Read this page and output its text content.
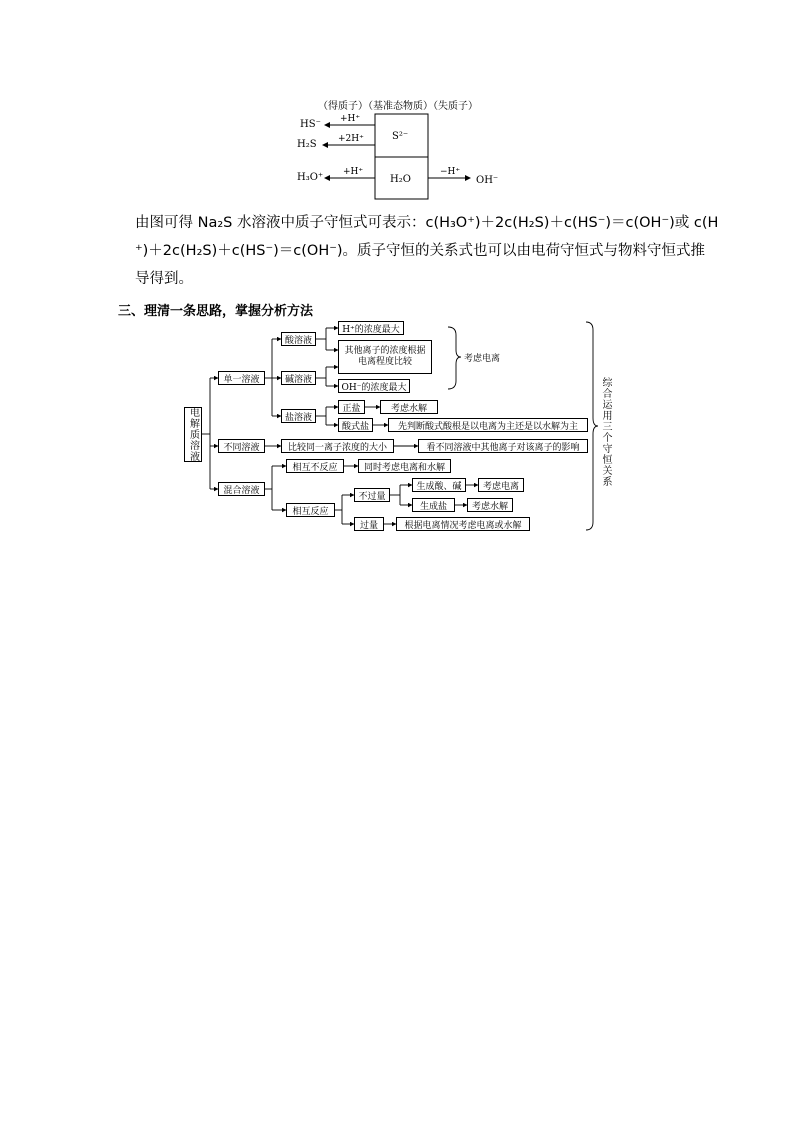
（得质子）（基准态物质）（失质子）
HS⁻
H₂S
H₃O⁺	OH⁻
+H⁺
+2H⁺
+H⁺	−H⁺
S²⁻
H₂O
由图可得 Na₂S 水溶液中质子守恒式可表示：c(H₃O⁺)＋2c(H₂S)＋c(HS⁻)＝c(OH⁻)或 c(H
⁺)＋2c(H₂S)＋c(HS⁻)＝c(OH⁻)。质子守恒的关系式也可以由电荷守恒式与物料守恒式推
导得到。
三、理清一条思路，掌握分析方法
电解质溶液
单一溶液
酸溶液
碱溶液
盐溶液
H⁺的浓度最大
其他离子的浓度根据
电离程度比较
OH⁻的浓度最大
考虑电离
正盐	考虑水解
酸式盐	先判断酸式酸根是以电离为主还是以水解为主
不同溶液	比较同一离子浓度的大小	看不同溶液中其他离子对该离子的影响
混合溶液
相互不反应	同时考虑电离和水解
相互反应
不过量
生成酸、碱	考虑电离
生成盐	考虑水解
过量	根据电离情况考虑电离或水解
综合运用三个守恒关系
